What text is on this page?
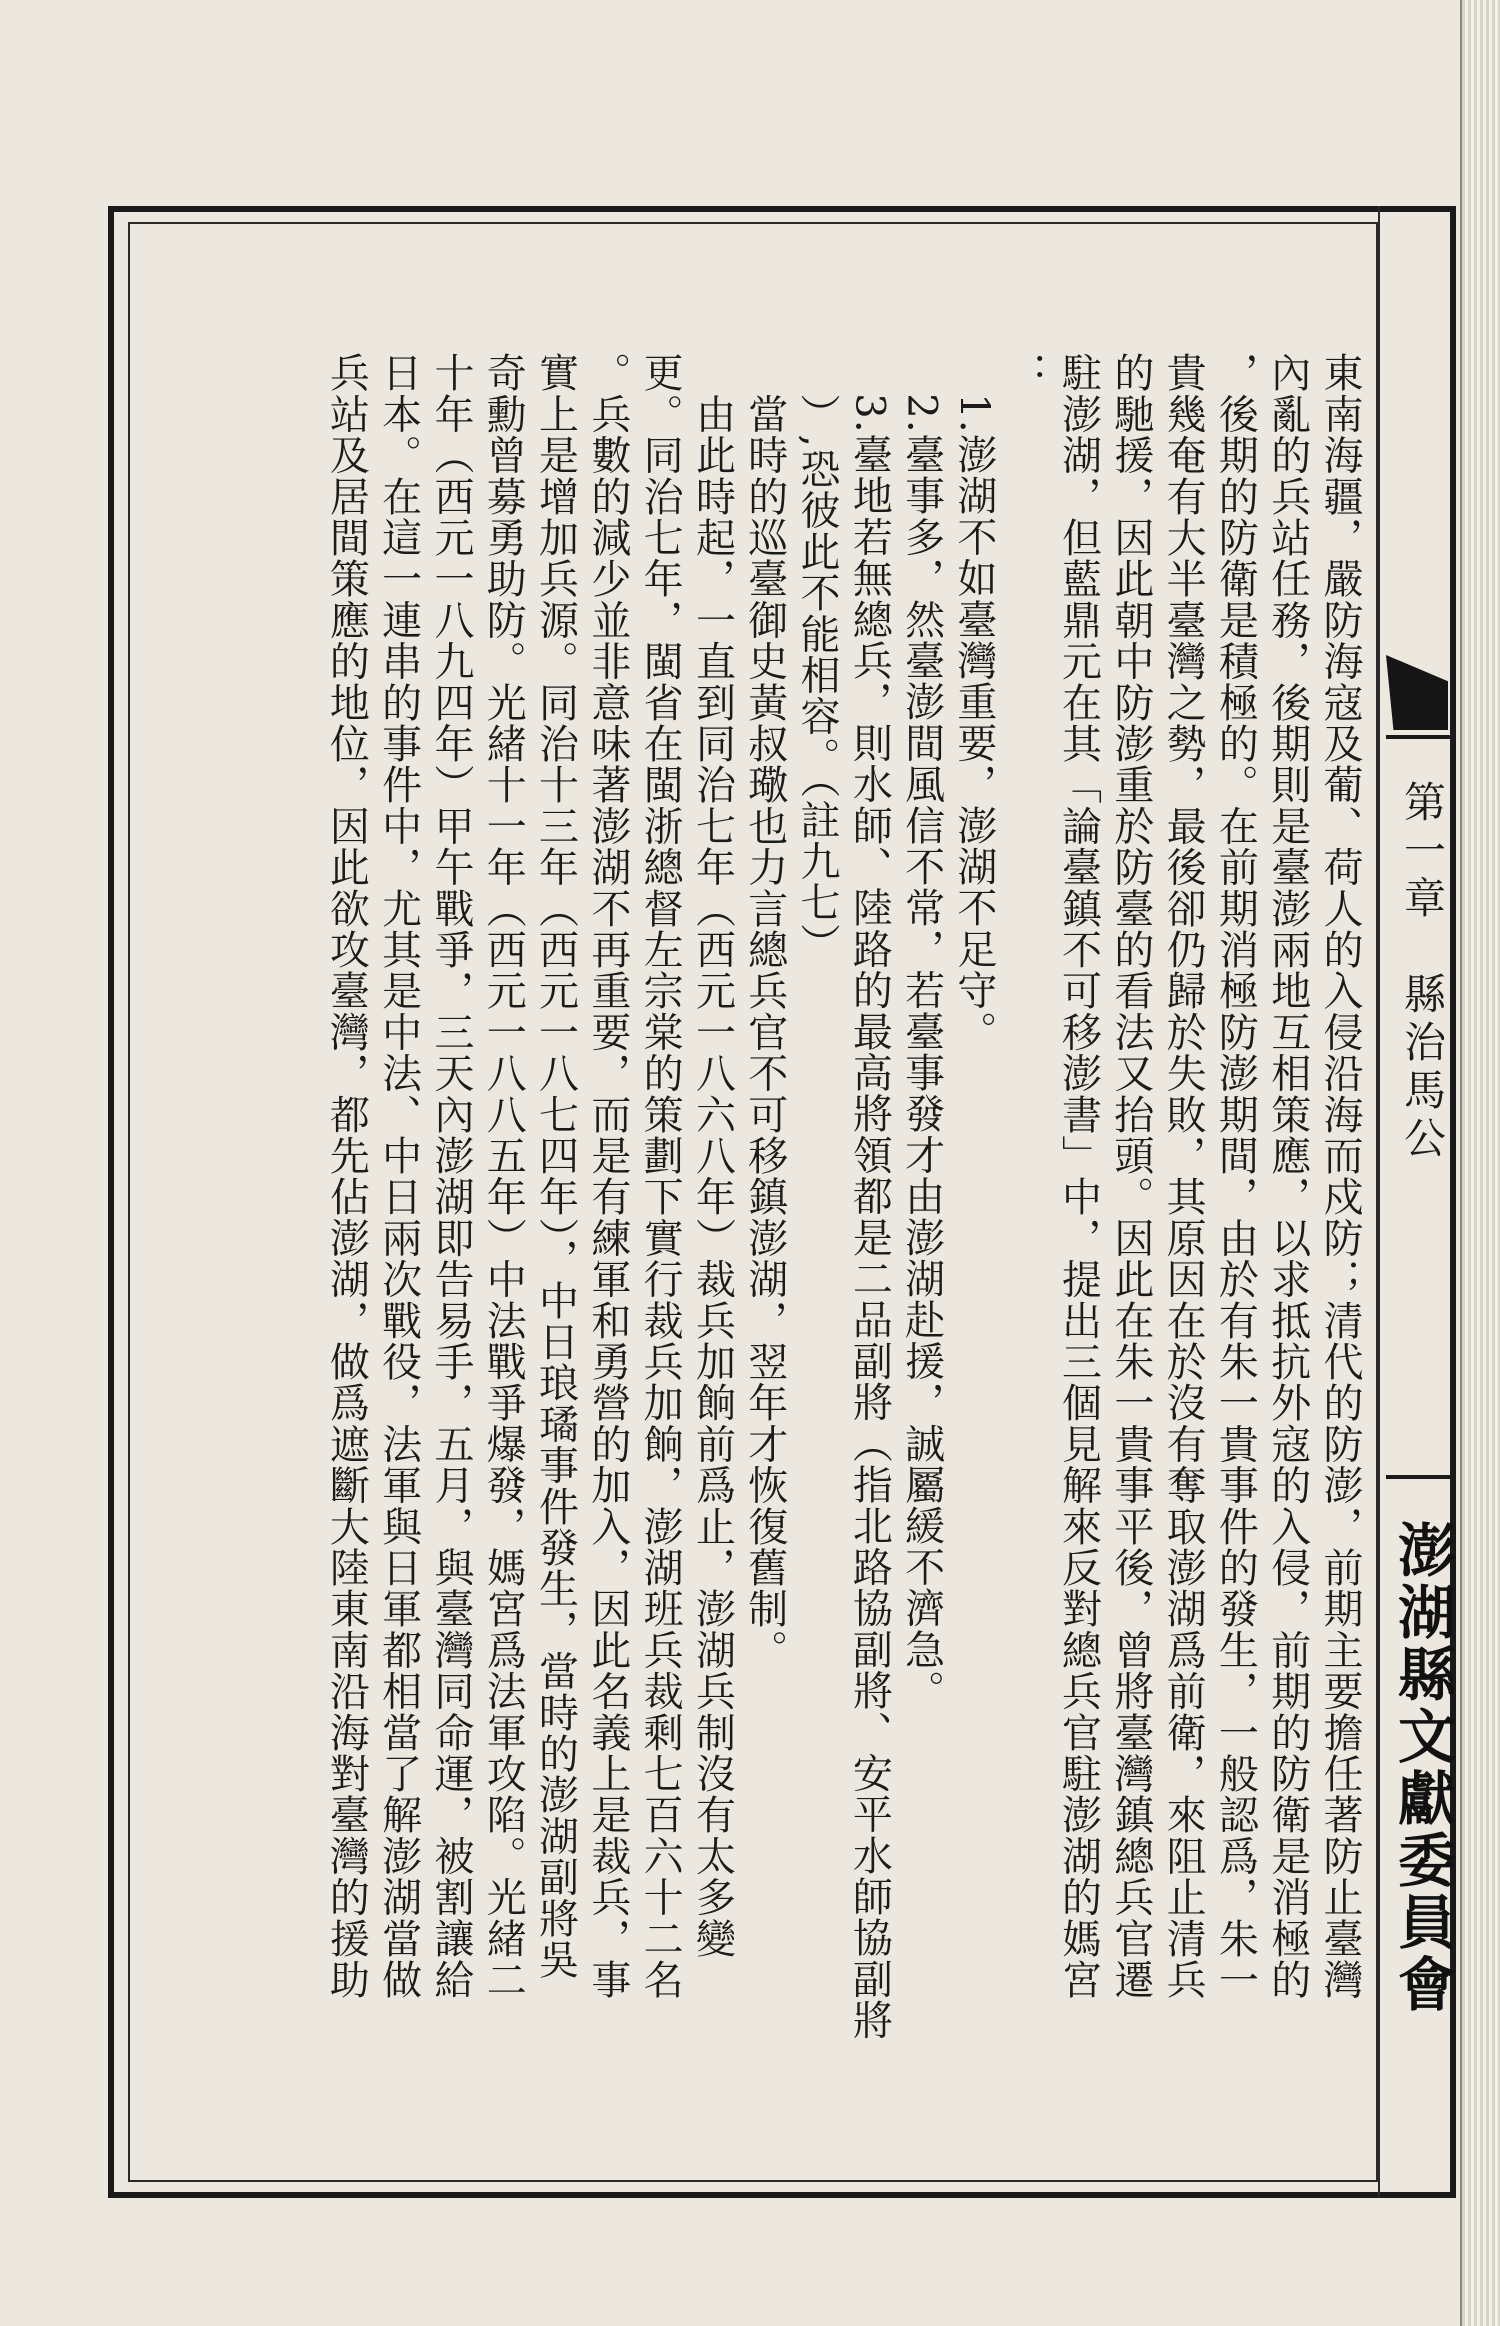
第一章　縣治馬公
澎湖縣文獻委員會
東南海疆，嚴防海寇及葡、荷人的入侵沿海而戍防；清代的防澎，前期主要擔任著防止臺灣
內亂的兵站任務，後期則是臺澎兩地互相策應，以求抵抗外寇的入侵，前期的防衛是消極的
，後期的防衛是積極的。在前期消極防澎期間，由於有朱一貴事件的發生，一般認爲，朱一
貴幾奄有大半臺灣之勢，最後卻仍歸於失敗，其原因在於沒有奪取澎湖爲前衛，來阻止清兵
的馳援，因此朝中防澎重於防臺的看法又抬頭。因此在朱一貴事平後，曾將臺灣鎮總兵官遷
駐澎湖，但藍鼎元在其「論臺鎮不可移澎書」中，提出三個見解來反對總兵官駐澎湖的媽宮
：
　1.澎湖不如臺灣重要，澎湖不足守。
　2.臺事多，然臺澎間風信不常，若臺事發才由澎湖赴援，誠屬緩不濟急。
　3.臺地若無總兵，則水師、陸路的最高將領都是二品副將（指北路協副將、安平水師協副將
　）,恐彼此不能相容。（註九七）
　當時的巡臺御史黃叔璥也力言總兵官不可移鎮澎湖，翌年才恢復舊制。
　由此時起，一直到同治七年（西元一八六八年）裁兵加餉前爲止，澎湖兵制沒有太多變
更。同治七年，閩省在閩浙總督左宗棠的策劃下實行裁兵加餉，澎湖班兵裁剩七百六十二名
。兵數的減少並非意味著澎湖不再重要，而是有練軍和勇營的加入，因此名義上是裁兵，事
實上是增加兵源。同治十三年（西元一八七四年），中日琅璚事件發生，當時的澎湖副將吳
奇勳曾募勇助防。光緒十一年（西元一八八五年）中法戰爭爆發，媽宮爲法軍攻陷。光緒二
十年（西元一八九四年）甲午戰爭，三天內澎湖即告易手，五月，與臺灣同命運，被割讓給
日本。在這一連串的事件中，尤其是中法、中日兩次戰役，法軍與日軍都相當了解澎湖當做
兵站及居間策應的地位，因此欲攻臺灣，都先佔澎湖，做爲遮斷大陸東南沿海對臺灣的援助
